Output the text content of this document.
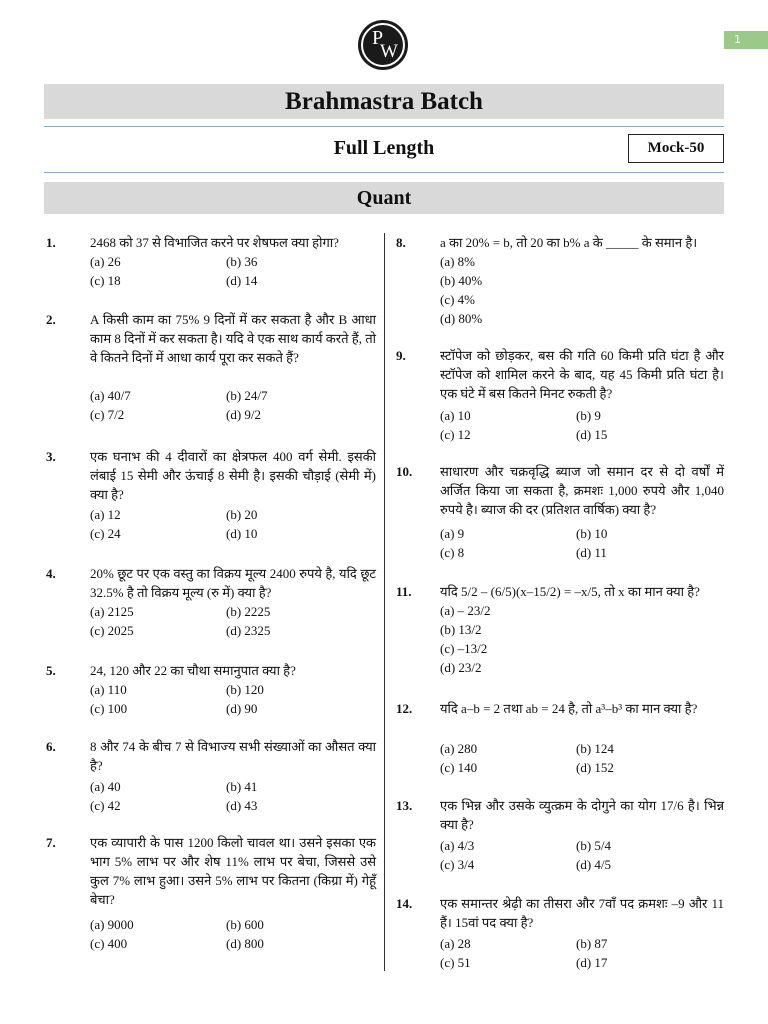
1
P
W
Brahmastra Batch
Full Length	Mock-50
Quant
1.	2468 को 37 से विभाजित करने पर शेषफल क्या होगा?
(a) 26	(b) 36
(c) 18	(d) 14
2.	A किसी काम का 75% 9 दिनों में कर सकता है और B आधा काम 8 दिनों में कर सकता है। यदि वे एक साथ कार्य करते हैं, तो वे कितने दिनों में आधा कार्य पूरा कर सकते हैं?
(a) 40/7	(b) 24/7
(c) 7/2	(d) 9/2
3.	एक घनाभ की 4 दीवारों का क्षेत्रफल 400 वर्ग सेमी. इसकी लंबाई 15 सेमी और ऊंचाई 8 सेमी है। इसकी चौड़ाई (सेमी में) क्या है?
(a) 12	(b) 20
(c) 24	(d) 10
4.	20% छूट पर एक वस्तु का विक्रय मूल्य 2400 रुपये है, यदि छूट 32.5% है तो विक्रय मूल्य (रु में) क्या है?
(a) 2125	(b) 2225
(c) 2025	(d) 2325
5.	24, 120 और 22 का चौथा समानुपात क्या है?
(a) 110	(b) 120
(c) 100	(d) 90
6.	8 और 74 के बीच 7 से विभाज्य सभी संख्याओं का औसत क्या है?
(a) 40	(b) 41
(c) 42	(d) 43
7.	एक व्यापारी के पास 1200 किलो चावल था। उसने इसका एक भाग 5% लाभ पर और शेष 11% लाभ पर बेचा, जिससे उसे कुल 7% लाभ हुआ। उसने 5% लाभ पर कितना (किग्रा में) गेहूँ बेचा?
(a) 9000	(b) 600
(c) 400	(d) 800
8.	a का 20% = b, तो 20 का b% a के _____ के समान है।
(a) 8%
(b) 40%
(c) 4%
(d) 80%
9.	स्टॉपेज को छोड़कर, बस की गति 60 किमी प्रति घंटा है और स्टॉपेज को शामिल करने के बाद, यह 45 किमी प्रति घंटा है। एक घंटे में बस कितने मिनट रुकती है?
(a) 10	(b) 9
(c) 12	(d) 15
10. साधारण और चक्रवृद्धि ब्याज जो समान दर से दो वर्षों में अर्जित किया जा सकता है, क्रमशः 1,000 रुपये और 1,040 रुपये है। ब्याज की दर (प्रतिशत वार्षिक) क्या है?
(a) 9	(b) 10
(c) 8	(d) 11
11. यदि 5/2 – (6/5)(x–15/2) = –x/5, तो x का मान क्या है?
(a) – 23/2
(b) 13/2
(c) –13/2
(d) 23/2
12. यदि a–b = 2 तथा ab = 24 है, तो a³–b³ का मान क्या है?
(a) 280	(b) 124
(c) 140	(d) 152
13. एक भिन्न और उसके व्युत्क्रम के दोगुने का योग 17/6 है। भिन्न क्या है?
(a) 4/3	(b) 5/4
(c) 3/4	(d) 4/5
14. एक समान्तर श्रेढ़ी का तीसरा और 7वाँ पद क्रमशः –9 और 11 हैं। 15वां पद क्या है?
(a) 28	(b) 87
(c) 51	(d) 17
